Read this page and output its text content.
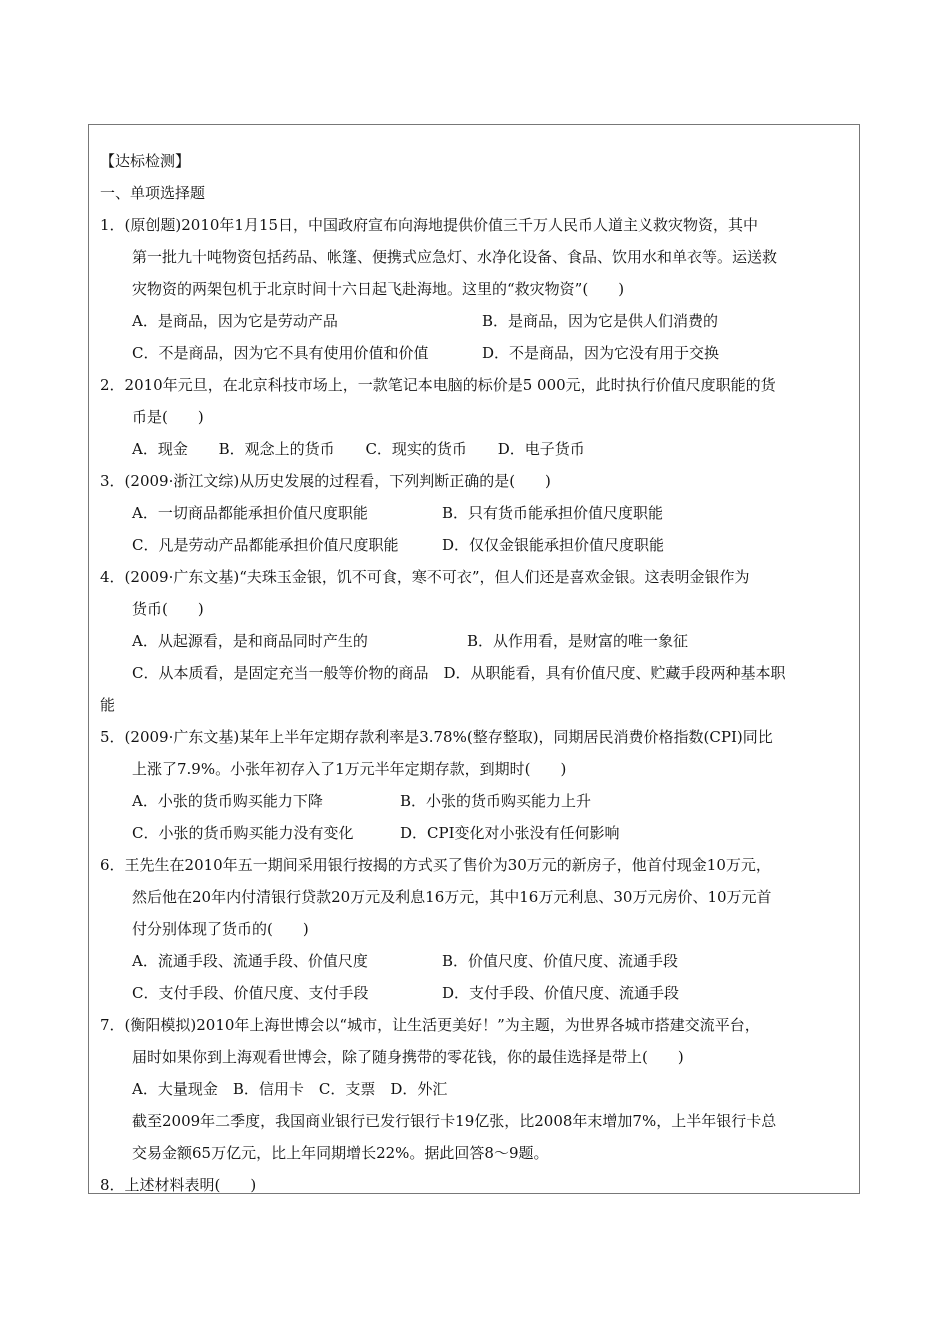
【达标检测】
一、单项选择题
1．(原创题)2010年1月15日，中国政府宣布向海地提供价值三千万人民币人道主义救灾物资，其中
第一批九十吨物资包括药品、帐篷、便携式应急灯、水净化设备、食品、饮用水和单衣等。运送救
灾物资的两架包机于北京时间十六日起飞赴海地。这里的“救灾物资”(　　)
A．是商品，因为它是劳动产品	B．是商品，因为它是供人们消费的
C．不是商品，因为它不具有使用价值和价值	D．不是商品，因为它没有用于交换
2．2010年元旦，在北京科技市场上，一款笔记本电脑的标价是5 000元，此时执行价值尺度职能的货
币是(　　)
A．现金 B．观念上的货币 C．现实的货币 D．电子货币
3．(2009·浙江文综)从历史发展的过程看，下列判断正确的是(　　)
A．一切商品都能承担价值尺度职能	B．只有货币能承担价值尺度职能
C．凡是劳动产品都能承担价值尺度职能	D．仅仅金银能承担价值尺度职能
4．(2009·广东文基)“夫珠玉金银，饥不可食，寒不可衣”，但人们还是喜欢金银。这表明金银作为
货币(　　)
A．从起源看，是和商品同时产生的	B．从作用看，是财富的唯一象征
C．从本质看，是固定充当一般等价物的商品　D．从职能看，具有价值尺度、贮藏手段两种基本职
能
5．(2009·广东文基)某年上半年定期存款利率是3.78%(整存整取)，同期居民消费价格指数(CPI)同比
上涨了7.9%。小张年初存入了1万元半年定期存款，到期时(　　)
A．小张的货币购买能力下降	B．小张的货币购买能力上升
C．小张的货币购买能力没有变化	D．CPI变化对小张没有任何影响
6．王先生在2010年五一期间采用银行按揭的方式买了售价为30万元的新房子，他首付现金10万元，
然后他在20年内付清银行贷款20万元及利息16万元，其中16万元利息、30万元房价、10万元首
付分别体现了货币的(　　)
A．流通手段、流通手段、价值尺度	B．价值尺度、价值尺度、流通手段
C．支付手段、价值尺度、支付手段	D．支付手段、价值尺度、流通手段
7．(衡阳模拟)2010年上海世博会以“城市，让生活更美好！”为主题，为世界各城市搭建交流平台，
届时如果你到上海观看世博会，除了随身携带的零花钱，你的最佳选择是带上(　　)
A．大量现金　B．信用卡　C．支票　D．外汇
截至2009年二季度，我国商业银行已发行银行卡19亿张，比2008年末增加7%，上半年银行卡总
交易金额65万亿元，比上年同期增长22%。据此回答8～9题。
8．上述材料表明(　　)
